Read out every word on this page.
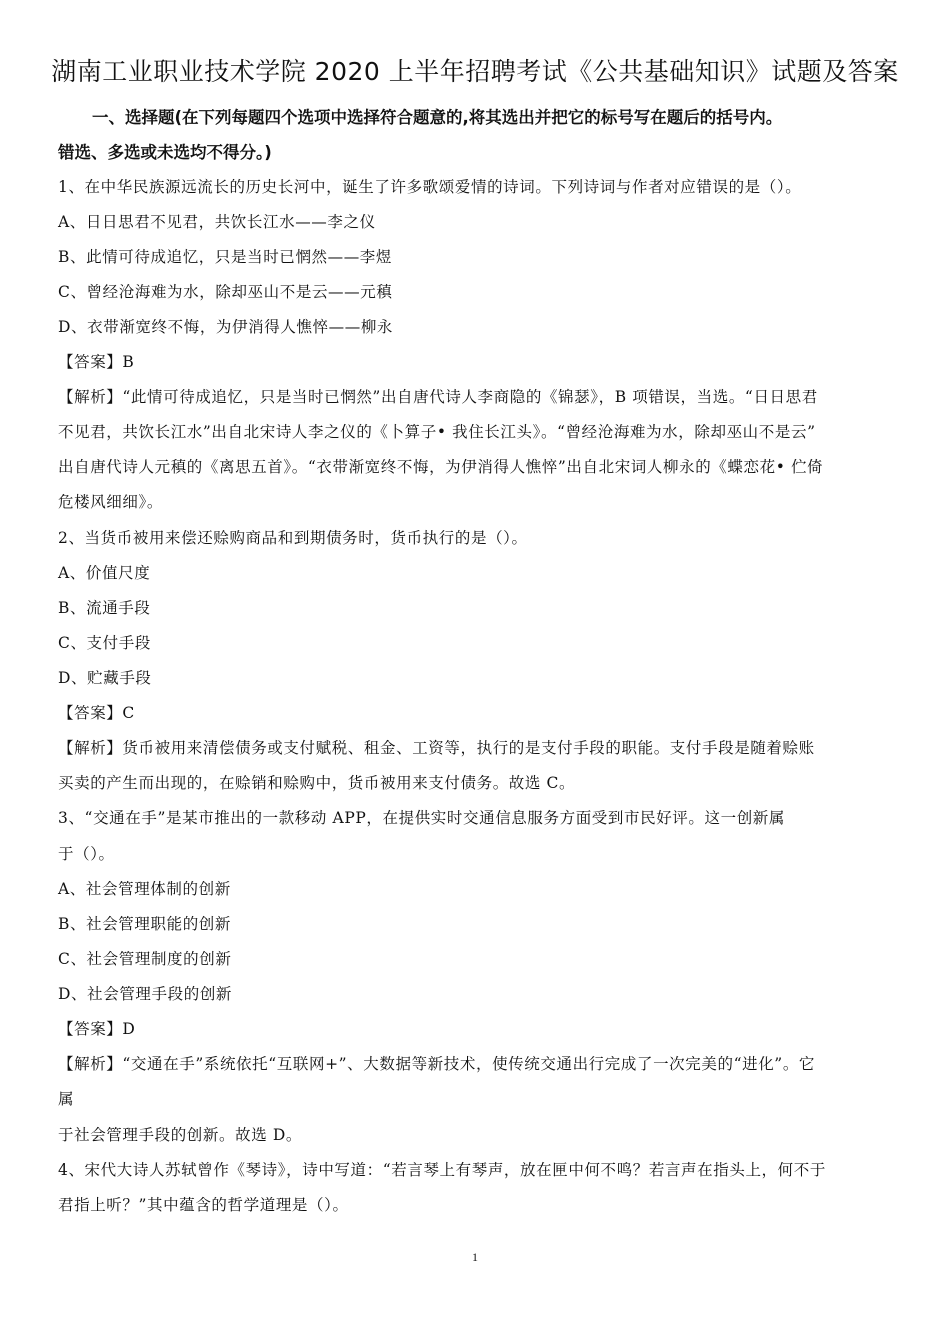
湖南工业职业技术学院 2020 上半年招聘考试《公共基础知识》试题及答案
一、选择题(在下列每题四个选项中选择符合题意的,将其选出并把它的标号写在题后的括号内。
错选、多选或未选均不得分。)
1、在中华民族源远流长的历史长河中，诞生了许多歌颂爱情的诗词。下列诗词与作者对应错误的是（）。
A、日日思君不见君，共饮长江水——李之仪
B、此情可待成追忆，只是当时已惘然——李煜
C、曾经沧海难为水，除却巫山不是云——元稹
D、衣带渐宽终不悔，为伊消得人憔悴——柳永
【答案】B
【解析】“此情可待成追忆，只是当时已惘然”出自唐代诗人李商隐的《锦瑟》，B 项错误，当选。“日日思君
不见君，共饮长江水”出自北宋诗人李之仪的《卜算子• 我住长江头》。“曾经沧海难为水，除却巫山不是云”
出自唐代诗人元稹的《离思五首》。“衣带渐宽终不悔，为伊消得人憔悴”出自北宋词人柳永的《蝶恋花• 伫倚
危楼风细细》。
2、当货币被用来偿还赊购商品和到期债务时，货币执行的是（）。
A、价值尺度
B、流通手段
C、支付手段
D、贮藏手段
【答案】C
【解析】货币被用来清偿债务或支付赋税、租金、工资等，执行的是支付手段的职能。支付手段是随着赊账
买卖的产生而出现的，在赊销和赊购中，货币被用来支付债务。故选 C。
3、“交通在手”是某市推出的一款移动 APP，在提供实时交通信息服务方面受到市民好评。这一创新属
于（）。
A、社会管理体制的创新
B、社会管理职能的创新
C、社会管理制度的创新
D、社会管理手段的创新
【答案】D
【解析】“交通在手”系统依托“互联网+”、大数据等新技术，使传统交通出行完成了一次完美的“进化”。它
属
于社会管理手段的创新。故选 D。
4、宋代大诗人苏轼曾作《琴诗》，诗中写道：“若言琴上有琴声，放在匣中何不鸣？若言声在指头上，何不于
君指上听？”其中蕴含的哲学道理是（）。
1
